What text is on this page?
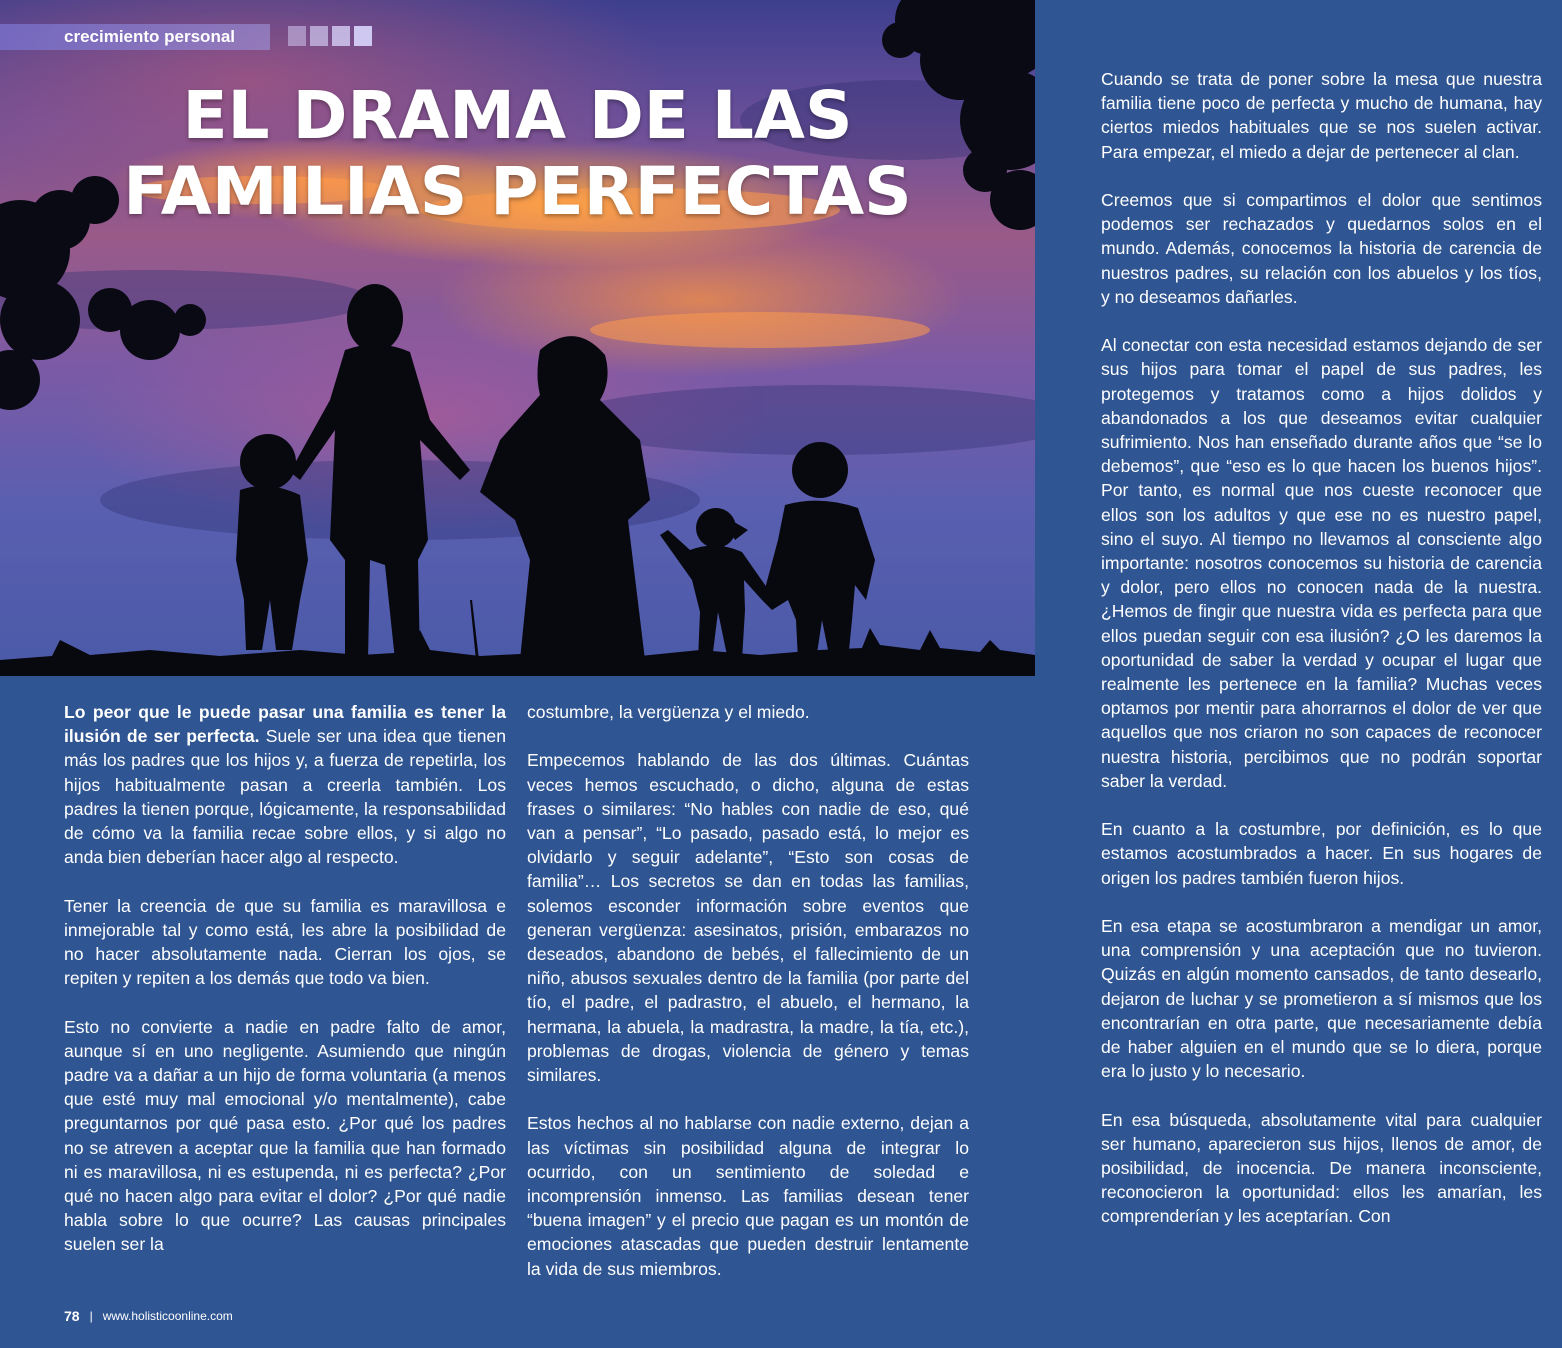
crecimiento personal
EL DRAMA DE LAS
FAMILIAS PERFECTAS

Lo peor que le puede pasar una familia es tener la ilusión de ser perfecta. Suele ser una idea que tienen más los padres que los hijos y, a fuerza de repetirla, los hijos habitualmente pasan a creerla también. Los padres la tienen porque, lógicamente, la responsabilidad de cómo va la familia recae sobre ellos, y si algo no anda bien deberían hacer algo al respecto.

Tener la creencia de que su familia es maravillosa e inmejorable tal y como está, les abre la posibilidad de no hacer absolutamente nada. Cierran los ojos, se repiten y repiten a los demás que todo va bien.

Esto no convierte a nadie en padre falto de amor, aunque sí en uno negligente. Asumiendo que ningún padre va a dañar a un hijo de forma voluntaria (a menos que esté muy mal emocional y/o mentalmente), cabe preguntarnos por qué pasa esto. ¿Por qué los padres no se atreven a aceptar que la familia que han formado ni es maravillosa, ni es estupenda, ni es perfecta? ¿Por qué no hacen algo para evitar el dolor? ¿Por qué nadie habla sobre lo que ocurre? Las causas principales suelen ser la

costumbre, la vergüenza y el miedo.

Empecemos hablando de las dos últimas. Cuántas veces hemos escuchado, o dicho, alguna de estas frases o similares: “No hables con nadie de eso, qué van a pensar”, “Lo pasado, pasado está, lo mejor es olvidarlo y seguir adelante”, “Esto son cosas de familia”… Los secretos se dan en todas las familias, solemos esconder información sobre eventos que generan vergüenza: asesinatos, prisión, embarazos no deseados, abandono de bebés, el fallecimiento de un niño, abusos sexuales dentro de la familia (por parte del tío, el padre, el padrastro, el abuelo, el hermano, la hermana, la abuela, la madrastra, la madre, la tía, etc.), problemas de drogas, violencia de género y temas similares.

Estos hechos al no hablarse con nadie externo, dejan a las víctimas sin posibilidad alguna de integrar lo ocurrido, con un sentimiento de soledad e incomprensión inmenso. Las familias desean tener “buena imagen” y el precio que pagan es un montón de emociones atascadas que pueden destruir lentamente la vida de sus miembros.

Cuando se trata de poner sobre la mesa que nuestra familia tiene poco de perfecta y mucho de humana, hay ciertos miedos habituales que se nos suelen activar. Para empezar, el miedo a dejar de pertenecer al clan.

Creemos que si compartimos el dolor que sentimos podemos ser rechazados y quedarnos solos en el mundo. Además, conocemos la historia de carencia de nuestros padres, su relación con los abuelos y los tíos, y no deseamos dañarles.

Al conectar con esta necesidad estamos dejando de ser sus hijos para tomar el papel de sus padres, les protegemos y tratamos como a hijos dolidos y abandonados a los que deseamos evitar cualquier sufrimiento. Nos han enseñado durante años que “se lo debemos”, que “eso es lo que hacen los buenos hijos”. Por tanto, es normal que nos cueste reconocer que ellos son los adultos y que ese no es nuestro papel, sino el suyo. Al tiempo no llevamos al consciente algo importante: nosotros conocemos su historia de carencia y dolor, pero ellos no conocen nada de la nuestra. ¿Hemos de fingir que nuestra vida es perfecta para que ellos puedan seguir con esa ilusión? ¿O les daremos la oportunidad de saber la verdad y ocupar el lugar que realmente les pertenece en la familia? Muchas veces optamos por mentir para ahorrarnos el dolor de ver que aquellos que nos criaron no son capaces de reconocer nuestra historia, percibimos que no podrán soportar saber la verdad.

En cuanto a la costumbre, por definición, es lo que estamos acostumbrados a hacer. En sus hogares de origen los padres también fueron hijos.

En esa etapa se acostumbraron a mendigar un amor, una comprensión y una aceptación que no tuvieron. Quizás en algún momento cansados, de tanto desearlo, dejaron de luchar y se prometieron a sí mismos que los encontrarían en otra parte, que necesariamente debía de haber alguien en el mundo que se lo diera, porque era lo justo y lo necesario.

En esa búsqueda, absolutamente vital para cualquier ser humano, aparecieron sus hijos, llenos de amor, de posibilidad, de inocencia. De manera inconsciente, reconocieron la oportunidad: ellos les amarían, les comprenderían y les aceptarían. Con

78 | www.holisticoonline.com
